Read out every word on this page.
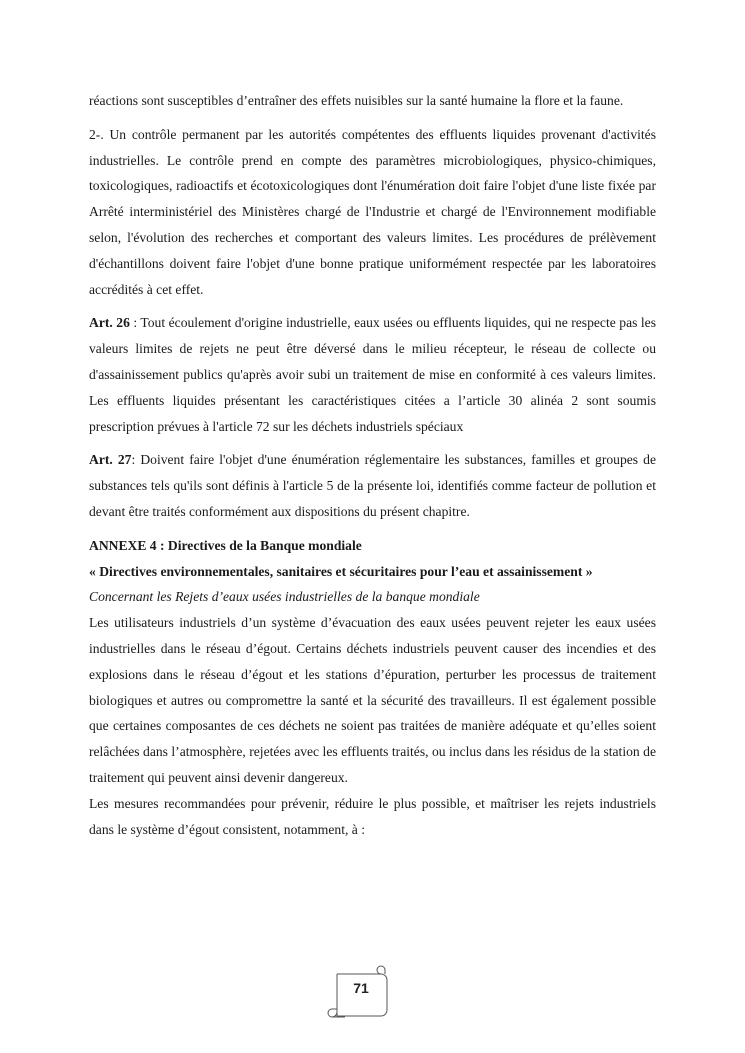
réactions sont susceptibles d’entraîner des effets nuisibles sur la santé humaine la flore et la faune.

2-. Un contrôle permanent par les autorités compétentes des effluents liquides provenant d'activités industrielles. Le contrôle prend en compte des paramètres microbiologiques, physico-chimiques, toxicologiques, radioactifs et écotoxicologiques dont l'énumération doit faire l'objet d'une liste fixée par Arrêté interministériel des Ministères chargé de l'Industrie et chargé de l'Environnement modifiable selon, l'évolution des recherches et comportant des valeurs limites. Les procédures de prélèvement d'échantillons doivent faire l'objet d'une bonne pratique uniformément respectée par les laboratoires accrédités à cet effet.

Art. 26 : Tout écoulement d'origine industrielle, eaux usées ou effluents liquides, qui ne respecte pas les valeurs limites de rejets ne peut être déversé dans le milieu récepteur, le réseau de collecte ou d'assainissement publics qu'après avoir subi un traitement de mise en conformité à ces valeurs limites. Les effluents liquides présentant les caractéristiques citées a l’article 30 alinéa 2 sont soumis prescription prévues à l'article 72 sur les déchets industriels spéciaux

Art. 27: Doivent faire l'objet d'une énumération réglementaire les substances, familles et groupes de substances tels qu'ils sont définis à l'article 5 de la présente loi, identifiés comme facteur de pollution et devant être traités conformément aux dispositions du présent chapitre.

ANNEXE 4 : Directives de la Banque mondiale
« Directives environnementales, sanitaires et sécuritaires pour l’eau et assainissement »

Concernant les Rejets d’eaux usées industrielles de la banque mondiale

Les utilisateurs industriels d’un système d’évacuation des eaux usées peuvent rejeter les eaux usées industrielles dans le réseau d’égout. Certains déchets industriels peuvent causer des incendies et des explosions dans le réseau d’égout et les stations d’épuration, perturber les processus de traitement biologiques et autres ou compromettre la santé et la sécurité des travailleurs. Il est également possible que certaines composantes de ces déchets ne soient pas traitées de manière adéquate et qu’elles soient relâchées dans l’atmosphère, rejetées avec les effluents traités, ou inclus dans les résidus de la station de traitement qui peuvent ainsi devenir dangereux.

Les mesures recommandées pour prévenir, réduire le plus possible, et maîtriser les rejets industriels dans le système d’égout consistent, notamment, à :

71
